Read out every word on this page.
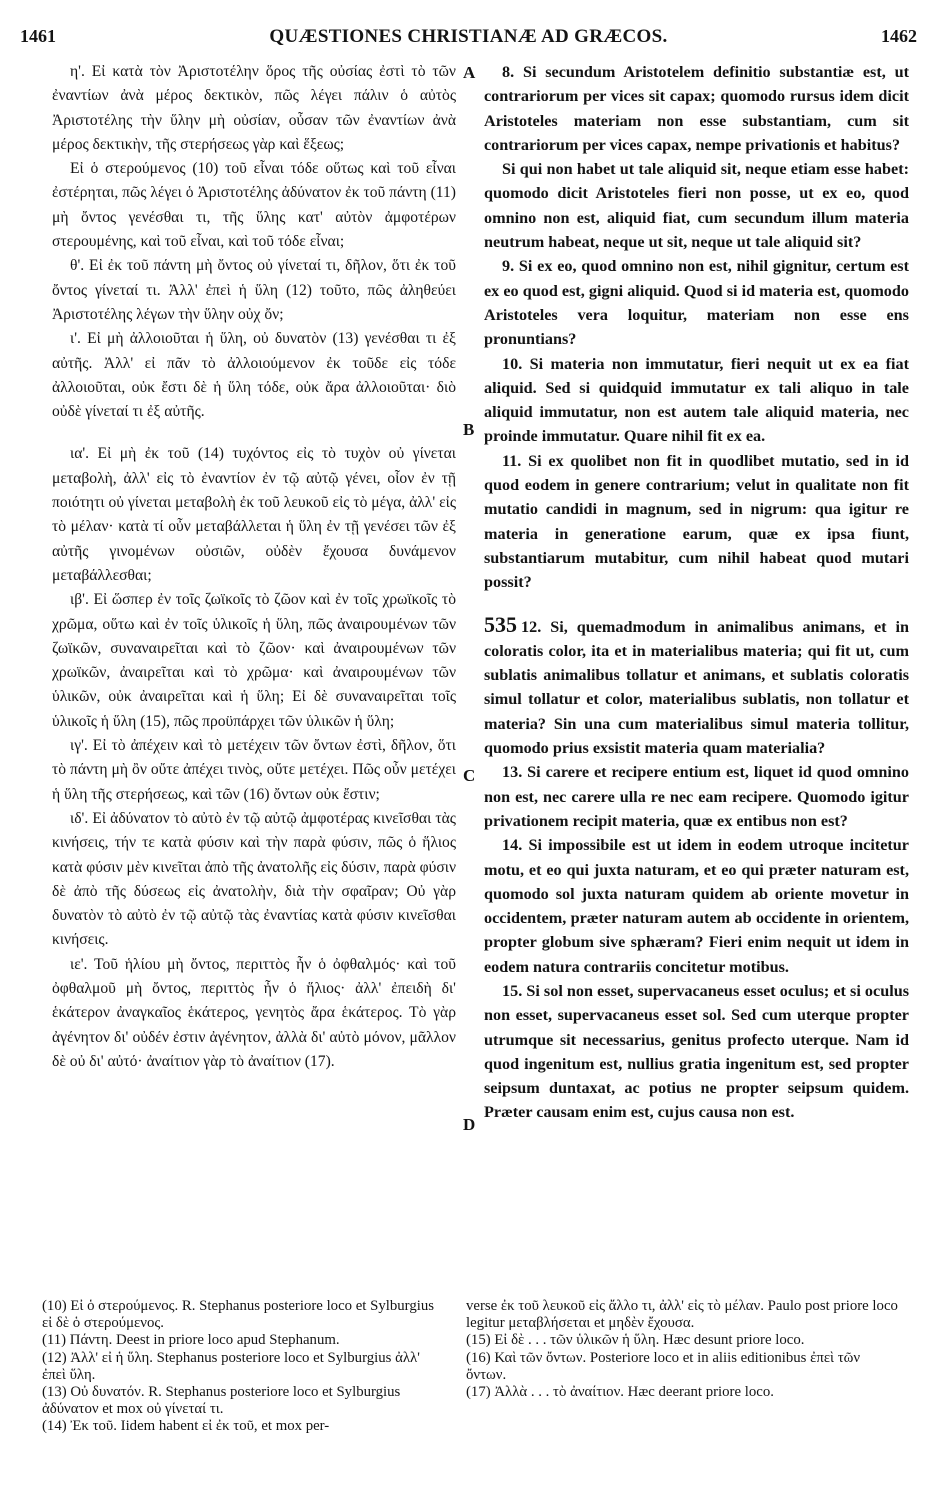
1461	QUÆSTIONES CHRISTIANÆ AD GRÆCOS.	1462
A
B
C
D

η'. Εἰ κατὰ τὸν Ἀριστοτέλην ὅρος τῆς οὐσίας ἐστὶ τὸ τῶν ἐναντίων ἀνὰ μέρος δεκτικὸν, πῶς λέγει πάλιν ὁ αὐτὸς Ἀριστοτέλης τὴν ὕλην μὴ οὐσίαν, οὖσαν τῶν ἐναντίων ἀνὰ μέρος δεκτικὴν, τῆς στερήσεως γὰρ καὶ ἕξεως;

Εἰ ὁ στερούμενος (10) τοῦ εἶναι τόδε οὕτως καὶ τοῦ εἶναι ἐστέρηται, πῶς λέγει ὁ Ἀριστοτέλης ἀδύνατον ἐκ τοῦ πάντη (11) μὴ ὄντος γενέσθαι τι, τῆς ὕλης κατ' αὐτὸν ἀμφοτέρων στερουμένης, καὶ τοῦ εἶναι, καὶ τοῦ τόδε εἶναι;

θ'. Εἰ ἐκ τοῦ πάντη μὴ ὄντος οὐ γίνεταί τι, δῆλον, ὅτι ἐκ τοῦ ὄντος γίνεταί τι. Ἀλλ' ἐπεὶ ἡ ὕλη (12) τοῦτο, πῶς ἀληθεύει Ἀριστοτέλης λέγων τὴν ὕλην οὐχ ὄν;

ι'. Εἰ μὴ ἀλλοιοῦται ἡ ὕλη, οὐ δυνατὸν (13) γενέσθαι τι ἐξ αὐτῆς. Ἀλλ' εἰ πᾶν τὸ ἀλλοιούμενον ἐκ τοῦδε εἰς τόδε ἀλλοιοῦται, οὐκ ἔστι δὲ ἡ ὕλη τόδε, οὐκ ἄρα ἀλλοιοῦται· διὸ οὐδὲ γίνεταί τι ἐξ αὐτῆς.

ια'. Εἰ μὴ ἐκ τοῦ (14) τυχόντος εἰς τὸ τυχὸν οὐ γίνεται μεταβολὴ, ἀλλ' εἰς τὸ ἐναντίον ἐν τῷ αὐτῷ γένει, οἷον ἐν τῇ ποιότητι οὐ γίνεται μεταβολὴ ἐκ τοῦ λευκοῦ εἰς τὸ μέγα, ἀλλ' εἰς τὸ μέλαν· κατὰ τί οὖν μεταβάλλεται ἡ ὕλη ἐν τῇ γενέσει τῶν ἐξ αὐτῆς γινομένων οὐσιῶν, οὐδὲν ἔχουσα δυνάμενον μεταβάλλεσθαι;

ιβ'. Εἰ ὥσπερ ἐν τοῖς ζωϊκοῖς τὸ ζῶον καὶ ἐν τοῖς χρωϊκοῖς τὸ χρῶμα, οὕτω καὶ ἐν τοῖς ὑλικοῖς ἡ ὕλη, πῶς ἀναιρουμένων τῶν ζωϊκῶν, συναναιρεῖται καὶ τὸ ζῶον· καὶ ἀναιρουμένων τῶν χρωϊκῶν, ἀναιρεῖται καὶ τὸ χρῶμα· καὶ ἀναιρουμένων τῶν ὑλικῶν, οὐκ ἀναιρεῖται καὶ ἡ ὕλη; Εἰ δὲ συναναιρεῖται τοῖς ὑλικοῖς ἡ ὕλη (15), πῶς προϋπάρχει τῶν ὑλικῶν ἡ ὕλη;

ιγ'. Εἰ τὸ ἀπέχειν καὶ τὸ μετέχειν τῶν ὄντων ἐστὶ, δῆλον, ὅτι τὸ πάντη μὴ ὂν οὔτε ἀπέχει τινὸς, οὔτε μετέχει. Πῶς οὖν μετέχει ἡ ὕλη τῆς στερήσεως, καὶ τῶν (16) ὄντων οὐκ ἔστιν;

ιδ'. Εἰ ἀδύνατον τὸ αὐτὸ ἐν τῷ αὐτῷ ἀμφοτέρας κινεῖσθαι τὰς κινήσεις, τήν τε κατὰ φύσιν καὶ τὴν παρὰ φύσιν, πῶς ὁ ἥλιος κατὰ φύσιν μὲν κινεῖται ἀπὸ τῆς ἀνατολῆς εἰς δύσιν, παρὰ φύσιν δὲ ἀπὸ τῆς δύσεως εἰς ἀνατολὴν, διὰ τὴν σφαῖραν; Οὐ γὰρ δυνατὸν τὸ αὐτὸ ἐν τῷ αὐτῷ τὰς ἐναντίας κατὰ φύσιν κινεῖσθαι κινήσεις.

ιε'. Τοῦ ἡλίου μὴ ὄντος, περιττὸς ἦν ὁ ὀφθαλμός· καὶ τοῦ ὀφθαλμοῦ μὴ ὄντος, περιττὸς ἦν ὁ ἥλιος· ἀλλ' ἐπειδὴ δι' ἑκάτερον ἀναγκαῖος ἑκάτερος, γενητὸς ἄρα ἑκάτερος. Τὸ γὰρ ἀγένητον δι' οὐδέν ἐστιν ἀγένητον, ἀλλὰ δι' αὐτὸ μόνον, μᾶλλον δὲ οὐ δι' αὐτό· ἀναίτιον γὰρ τὸ ἀναίτιον (17).

8. Si secundum Aristotelem definitio substantiæ est, ut contrariorum per vices sit capax; quomodo rursus idem dicit Aristoteles materiam non esse substantiam, cum sit contrariorum per vices capax, nempe privationis et habitus?

Si qui non habet ut tale aliquid sit, neque etiam esse habet: quomodo dicit Aristoteles fieri non posse, ut ex eo, quod omnino non est, aliquid fiat, cum secundum illum materia neutrum habeat, neque ut sit, neque ut tale aliquid sit?

9. Si ex eo, quod omnino non est, nihil gignitur, certum est ex eo quod est, gigni aliquid. Quod si id materia est, quomodo Aristoteles vera loquitur, materiam non esse ens pronuntians?

10. Si materia non immutatur, fieri nequit ut ex ea fiat aliquid. Sed si quidquid immutatur ex tali aliquo in tale aliquid immutatur, non est autem tale aliquid materia, nec proinde immutatur. Quare nihil fit ex ea.

11. Si ex quolibet non fit in quodlibet mutatio, sed in id quod eodem in genere contrarium; velut in qualitate non fit mutatio candidi in magnum, sed in nigrum: qua igitur re materia in generatione earum, quæ ex ipsa fiunt, substantiarum mutabitur, cum nihil habeat quod mutari possit?

535 12. Si, quemadmodum in animalibus animans, et in coloratis color, ita et in materialibus materia; qui fit ut, cum sublatis animalibus tollatur et animans, et sublatis coloratis simul tollatur et color, materialibus sublatis, non tollatur et materia? Sin una cum materialibus simul materia tollitur, quomodo prius exsistit materia quam materialia?

13. Si carere et recipere entium est, liquet id quod omnino non est, nec carere ulla re nec eam recipere. Quomodo igitur privationem recipit materia, quæ ex entibus non est?

14. Si impossibile est ut idem in eodem utroque incitetur motu, et eo qui juxta naturam, et eo qui præter naturam est, quomodo sol juxta naturam quidem ab oriente movetur in occidentem, præter naturam autem ab occidente in orientem, propter globum sive sphæram? Fieri enim nequit ut idem in eodem natura contrariis concitetur motibus.

15. Si sol non esset, supervacaneus esset oculus; et si oculus non esset, supervacaneus esset sol. Sed cum uterque propter utrumque sit necessarius, genitus profecto uterque. Nam id quod ingenitum est, nullius gratia ingenitum est, sed propter seipsum duntaxat, ac potius ne propter seipsum quidem. Præter causam enim est, cujus causa non est.

(10) Εἰ ὁ στερούμενος. R. Stephanus posteriore loco et Sylburgius εἰ δὲ ὁ στερούμενος.

(11) Πάντη. Deest in priore loco apud Stephanum.

(12) Ἀλλ' εἰ ἡ ὕλη. Stephanus posteriore loco et Sylburgius ἀλλ' ἐπεὶ ὕλη.

(13) Οὐ δυνατόν. R. Stephanus posteriore loco et Sylburgius ἀδύνατον et mox οὐ γίνεταί τι.

(14) Ἐκ τοῦ. Iidem habent εἰ ἐκ τοῦ, et mox per-

verse ἐκ τοῦ λευκοῦ εἰς ἄλλο τι, ἀλλ' εἰς τὸ μέλαν. Paulo post priore loco legitur μεταβλήσεται et μηδὲν ἔχουσα.

(15) Εἰ δὲ . . . τῶν ὑλικῶν ἡ ὕλη. Hæc desunt priore loco.

(16) Καὶ τῶν ὄντων. Posteriore loco et in aliis editionibus ἐπεὶ τῶν ὄντων.

(17) Ἀλλὰ . . . τὸ ἀναίτιον. Hæc deerant priore loco.
